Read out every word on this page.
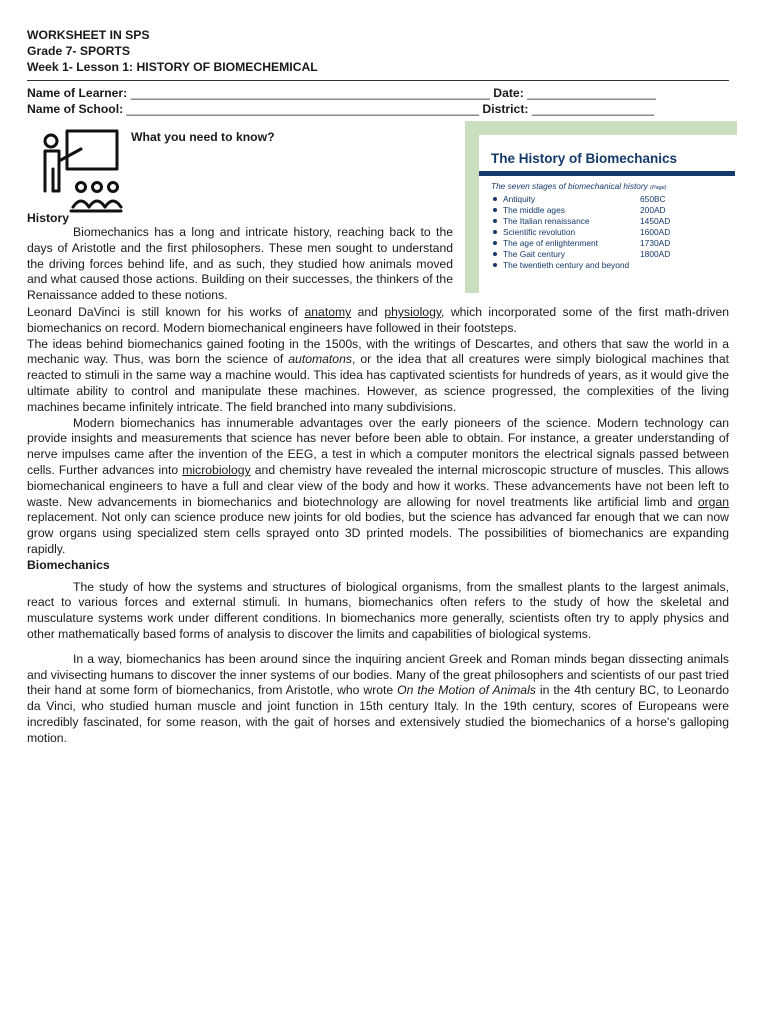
WORKSHEET IN SPS

Grade 7- SPORTS

Week 1- Lesson 1: HISTORY OF BIOMECHEMICAL

Name of Learner: _____________________________________________________ Date: ___________________
Name of School: ____________________________________________________ District: __________________
What you need to know?
History

Biomechanics has a long and intricate history, reaching back to the days of Aristotle and the first philosophers. These men sought to understand the driving forces behind life, and as such, they studied how animals moved and what caused those actions. Building on their successes, the thinkers of the Renaissance added to these notions.

The History of Biomechanics
The seven stages of biomechanical history (Page)
Antiquity	650BC
The middle ages	200AD
The Italian renaissance	1450AD
Scientific revolution	1600AD
The age of enlightenment	1730AD
The Gait century	1800AD
The twentieth century and beyond

Leonard DaVinci is still known for his works of anatomy and physiology, which incorporated some of the first math-driven biomechanics on record. Modern biomechanical engineers have followed in their footsteps.

The ideas behind biomechanics gained footing in the 1500s, with the writings of Descartes, and others that saw the world in a mechanic way. Thus, was born the science of automatons, or the idea that all creatures were simply biological machines that reacted to stimuli in the same way a machine would. This idea has captivated scientists for hundreds of years, as it would give the ultimate ability to control and manipulate these machines. However, as science progressed, the complexities of the living machines became infinitely intricate. The field branched into many subdivisions.

Modern biomechanics has innumerable advantages over the early pioneers of the science. Modern technology can provide insights and measurements that science has never before been able to obtain. For instance, a greater understanding of nerve impulses came after the invention of the EEG, a test in which a computer monitors the electrical signals passed between cells. Further advances into microbiology and chemistry have revealed the internal microscopic structure of muscles. This allows biomechanical engineers to have a full and clear view of the body and how it works. These advancements have not been left to waste. New advancements in biomechanics and biotechnology are allowing for novel treatments like artificial limb and organ replacement. Not only can science produce new joints for old bodies, but the science has advanced far enough that we can now grow organs using specialized stem cells sprayed onto 3D printed models. The possibilities of biomechanics are expanding rapidly.

Biomechanics

The study of how the systems and structures of biological organisms, from the smallest plants to the largest animals, react to various forces and external stimuli. In humans, biomechanics often refers to the study of how the skeletal and musculature systems work under different conditions. In biomechanics more generally, scientists often try to apply physics and other mathematically based forms of analysis to discover the limits and capabilities of biological systems.

In a way, biomechanics has been around since the inquiring ancient Greek and Roman minds began dissecting animals and vivisecting humans to discover the inner systems of our bodies. Many of the great philosophers and scientists of our past tried their hand at some form of biomechanics, from Aristotle, who wrote On the Motion of Animals in the 4th century BC, to Leonardo da Vinci, who studied human muscle and joint function in 15th century Italy. In the 19th century, scores of Europeans were incredibly fascinated, for some reason, with the gait of horses and extensively studied the biomechanics of a horse's galloping motion.
